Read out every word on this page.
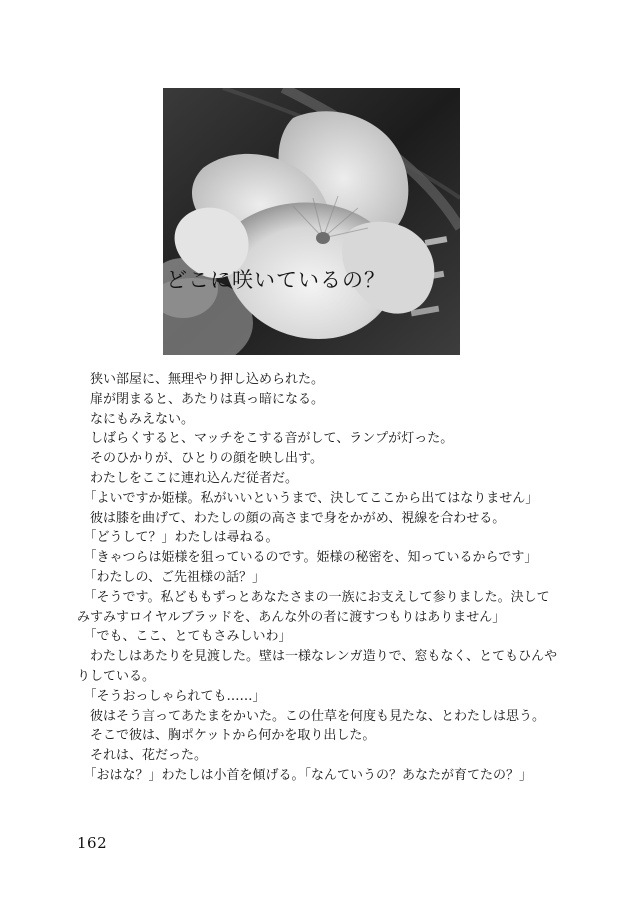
どこに咲いているの？
　狭い部屋に、無理やり押し込められた。
　扉が閉まると、あたりは真っ暗になる。
　なにもみえない。
　しばらくすると、マッチをこする音がして、ランプが灯った。
　そのひかりが、ひとりの顔を映し出す。
　わたしをここに連れ込んだ従者だ。
　「よいですか姫様。私がいいというまで、決してここから出てはなりません」
　彼は膝を曲げて、わたしの顔の高さまで身をかがめ、視線を合わせる。
　「どうして？」わたしは尋ねる。
　「きゃつらは姫様を狙っているのです。姫様の秘密を、知っているからです」
　「わたしの、ご先祖様の話？」
　「そうです。私どももずっとあなたさまの一族にお支えして参りました。決して
みすみすロイヤルブラッドを、あんな外の者に渡すつもりはありません」
　「でも、ここ、とてもさみしいわ」
　わたしはあたりを見渡した。壁は一様なレンガ造りで、窓もなく、とてもひんや
りしている。
　「そうおっしゃられても……」
　彼はそう言ってあたまをかいた。この仕草を何度も見たな、とわたしは思う。
　そこで彼は、胸ポケットから何かを取り出した。
　それは、花だった。
　「おはな？」わたしは小首を傾げる。「なんていうの？あなたが育てたの？」
162
